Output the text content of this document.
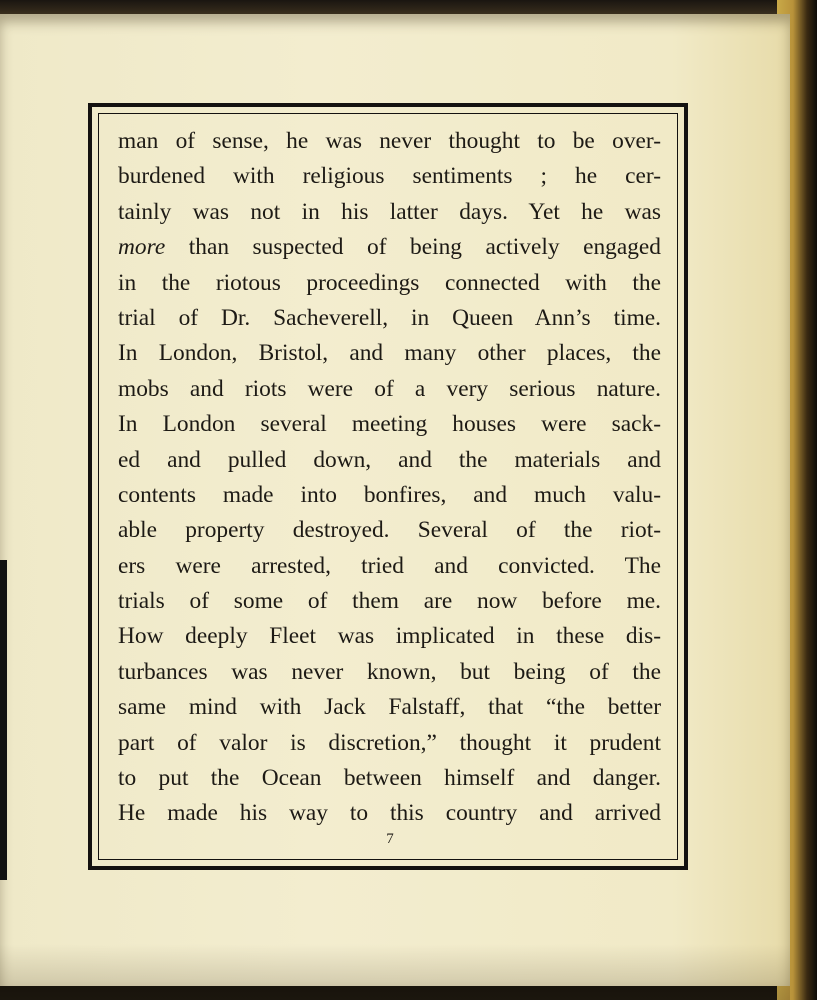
man of sense, he was never thought to be over-
burdened with religious sentiments ; he cer-
tainly was not in his latter days. Yet he was
more than suspected of being actively engaged
in the riotous proceedings connected with the
trial of Dr. Sacheverell, in Queen Ann’s time.
In London, Bristol, and many other places, the
mobs and riots were of a very serious nature.
In London several meeting houses were sack-
ed and pulled down, and the materials and
contents made into bonfires, and much valu-
able property destroyed. Several of the riot-
ers were arrested, tried and convicted. The
trials of some of them are now before me.
How deeply Fleet was implicated in these dis-
turbances was never known, but being of the
same mind with Jack Falstaff, that “the better
part of valor is discretion,” thought it prudent
to put the Ocean between himself and danger.
He made his way to this country and arrived
7
